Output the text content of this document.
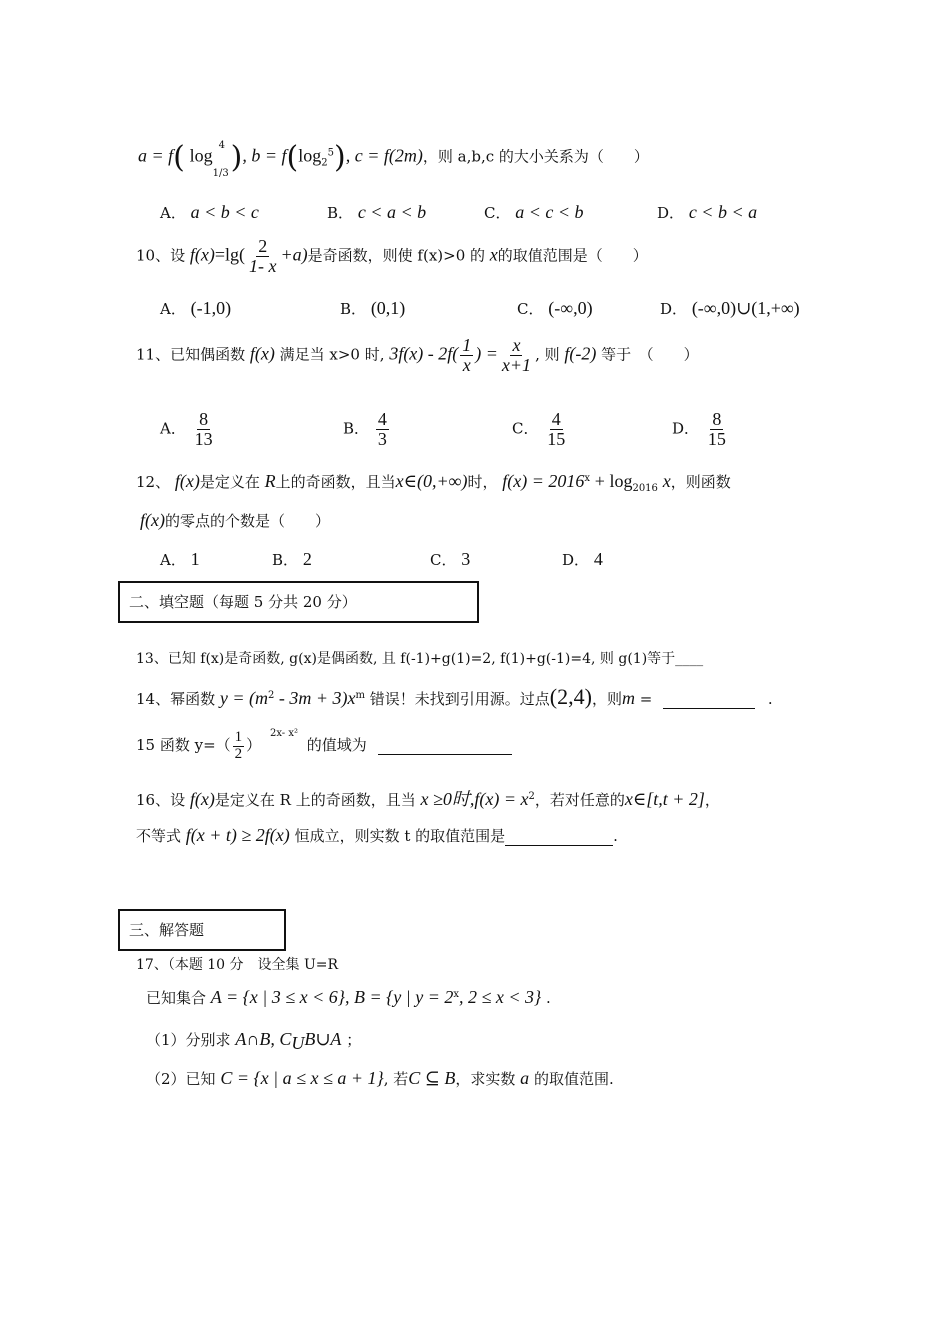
a = f( log
4
1/3 ), $b = f(\log_2^5)$, c = f(2m)，则 a,b,c 的大小关系为（　　）
A． a < b < c	B． c < a < b	C． a < c < b	D． c < b < a
10、设 $f(x)=\lg( \frac{2}{1- x} +a)$是奇函数，则使 f(x)>0 的 x的取值范围是（　　）
A． (-1,0)	B． (0,1)	C． (-∞,0)	D． (-∞,0)∪(1,+∞)
11、已知偶函数 f(x) 满足当 x>0 时, $3f(x) - 2f( \frac{1}{x}$ ) = $\frac{x}{x+1}$ , 则 f(-2) 等于　（　　）
A． $\frac{8}{13}$	B． $\frac{4}{3}$	C． $\frac{4}{15}$	D． $\frac{8}{15}$
12、 f(x)是定义在 R上的奇函数，且当x∈(0,+∞)时， $f(x) = 2016^x + \log_{2016} x$，则函数
f(x)的零点的个数是（　　）
A． 1	B． 2	C． 3	D． 4
二、填空题（每题 5 分共 20 分）
13、已知 f(x)是奇函数, g(x)是偶函数, 且 f(-1)+g(1)=2, f(1)+g(-1)=4, 则 g(1)等于____
14、幂函数 $y = (m^2 - 3m + 3)x^m$ 错误！未找到引用源。过点(2,4)，则m =	.
15 函数 $y=( \frac{1}{2}$ ） $^{2x- x^2}$ 的值域为
16、设 f(x)是定义在 R 上的奇函数，且当 x ≥0时$,f(x) = x^2$，若对任意的x∈[t,t + 2]，
不等式 f(x + t) ≥ 2f(x) 恒成立，则实数 t 的取值范围是	.
三、解答题
17、（本题 10 分　设全集 U=R
已知集合 A = {x | 3 ≤ x < 6}, B = {y | $y = 2^x$, 2 ≤ x < 3} .
（1）分别求 A∩B, $C_UB\cup A$ ；
（2）已知 C = {x | a ≤ x ≤ a + 1}, 若C ⊆ B，求实数 a 的取值范围.
